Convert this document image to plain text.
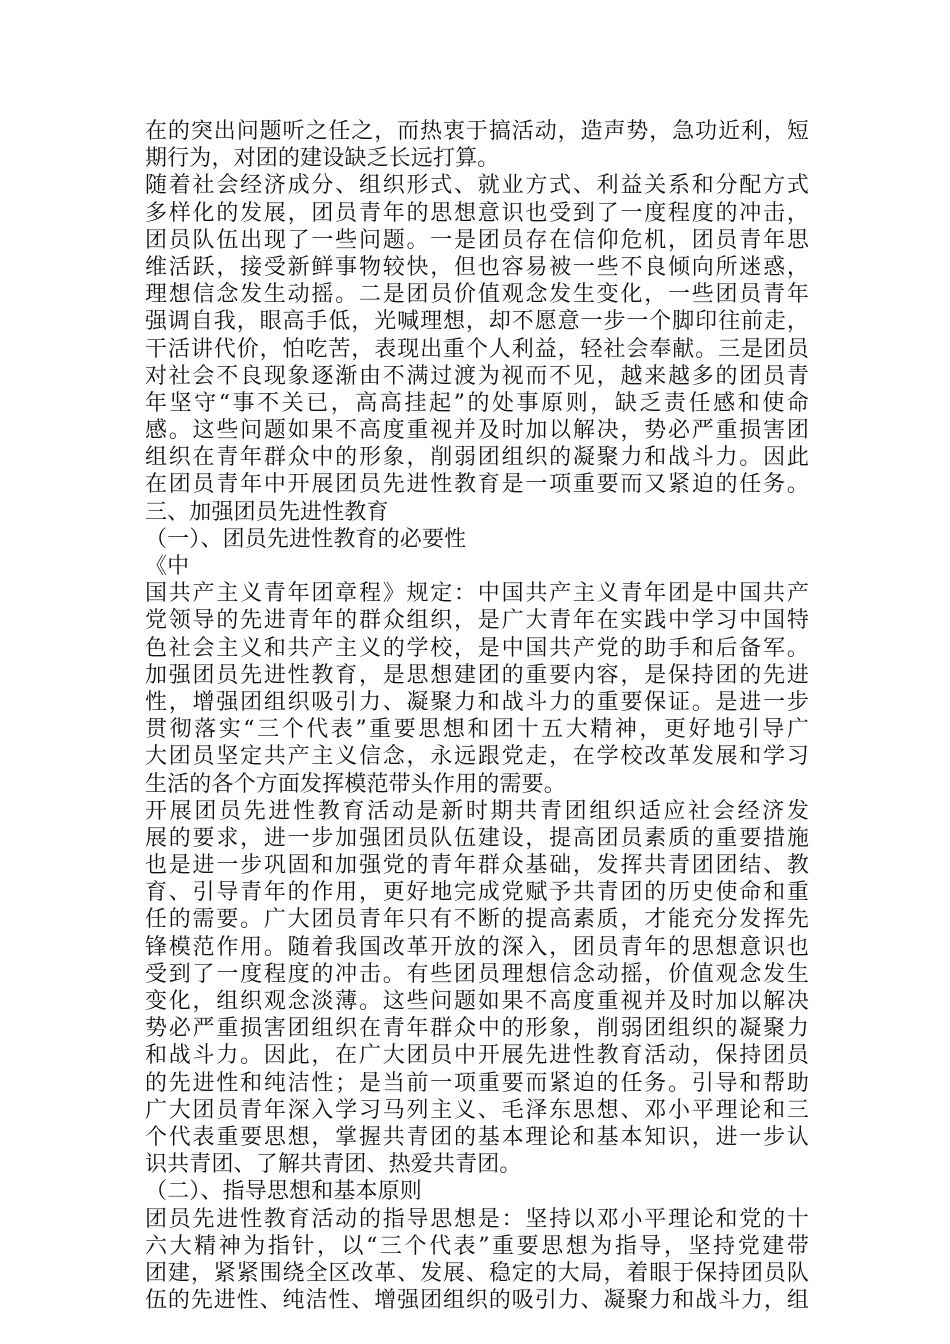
在的突出问题听之任之，而热衷于搞活动，造声势，急功近利，短
期行为，对团的建设缺乏长远打算。
随着社会经济成分、组织形式、就业方式、利益关系和分配方式
多样化的发展，团员青年的思想意识也受到了一度程度的冲击，
团员队伍出现了一些问题。一是团员存在信仰危机，团员青年思
维活跃，接受新鲜事物较快，但也容易被一些不良倾向所迷惑，
理想信念发生动摇。二是团员价值观念发生变化，一些团员青年
强调自我，眼高手低，光喊理想，却不愿意一步一个脚印往前走，
干活讲代价，怕吃苦，表现出重个人利益，轻社会奉献。三是团员
对社会不良现象逐渐由不满过渡为视而不见，越来越多的团员青
年坚守“事不关已，高高挂起”的处事原则，缺乏责任感和使命
感。这些问题如果不高度重视并及时加以解决，势必严重损害团
组织在青年群众中的形象，削弱团组织的凝聚力和战斗力。因此
在团员青年中开展团员先进性教育是一项重要而又紧迫的任务。
三、加强团员先进性教育
（一）、团员先进性教育的必要性
《中
国共产主义青年团章程》规定：中国共产主义青年团是中国共产
党领导的先进青年的群众组织，是广大青年在实践中学习中国特
色社会主义和共产主义的学校，是中国共产党的助手和后备军。
加强团员先进性教育，是思想建团的重要内容，是保持团的先进
性，增强团组织吸引力、凝聚力和战斗力的重要保证。是进一步
贯彻落实“三个代表”重要思想和团十五大精神，更好地引导广
大团员坚定共产主义信念，永远跟党走，在学校改革发展和学习
生活的各个方面发挥模范带头作用的需要。
开展团员先进性教育活动是新时期共青团组织适应社会经济发
展的要求，进一步加强团员队伍建设，提高团员素质的重要措施
也是进一步巩固和加强党的青年群众基础，发挥共青团团结、教
育、引导青年的作用，更好地完成党赋予共青团的历史使命和重
任的需要。广大团员青年只有不断的提高素质，才能充分发挥先
锋模范作用。随着我国改革开放的深入，团员青年的思想意识也
受到了一度程度的冲击。有些团员理想信念动摇，价值观念发生
变化，组织观念淡薄。这些问题如果不高度重视并及时加以解决
势必严重损害团组织在青年群众中的形象，削弱团组织的凝聚力
和战斗力。因此，在广大团员中开展先进性教育活动，保持团员
的先进性和纯洁性；是当前一项重要而紧迫的任务。引导和帮助
广大团员青年深入学习马列主义、毛泽东思想、邓小平理论和三
个代表重要思想，掌握共青团的基本理论和基本知识，进一步认
识共青团、了解共青团、热爱共青团。
（二）、指导思想和基本原则
团员先进性教育活动的指导思想是：坚持以邓小平理论和党的十
六大精神为指针，以“三个代表”重要思想为指导，坚持党建带
团建，紧紧围绕全区改革、发展、稳定的大局，着眼于保持团员队
伍的先进性、纯洁性、增强团组织的吸引力、凝聚力和战斗力，组
